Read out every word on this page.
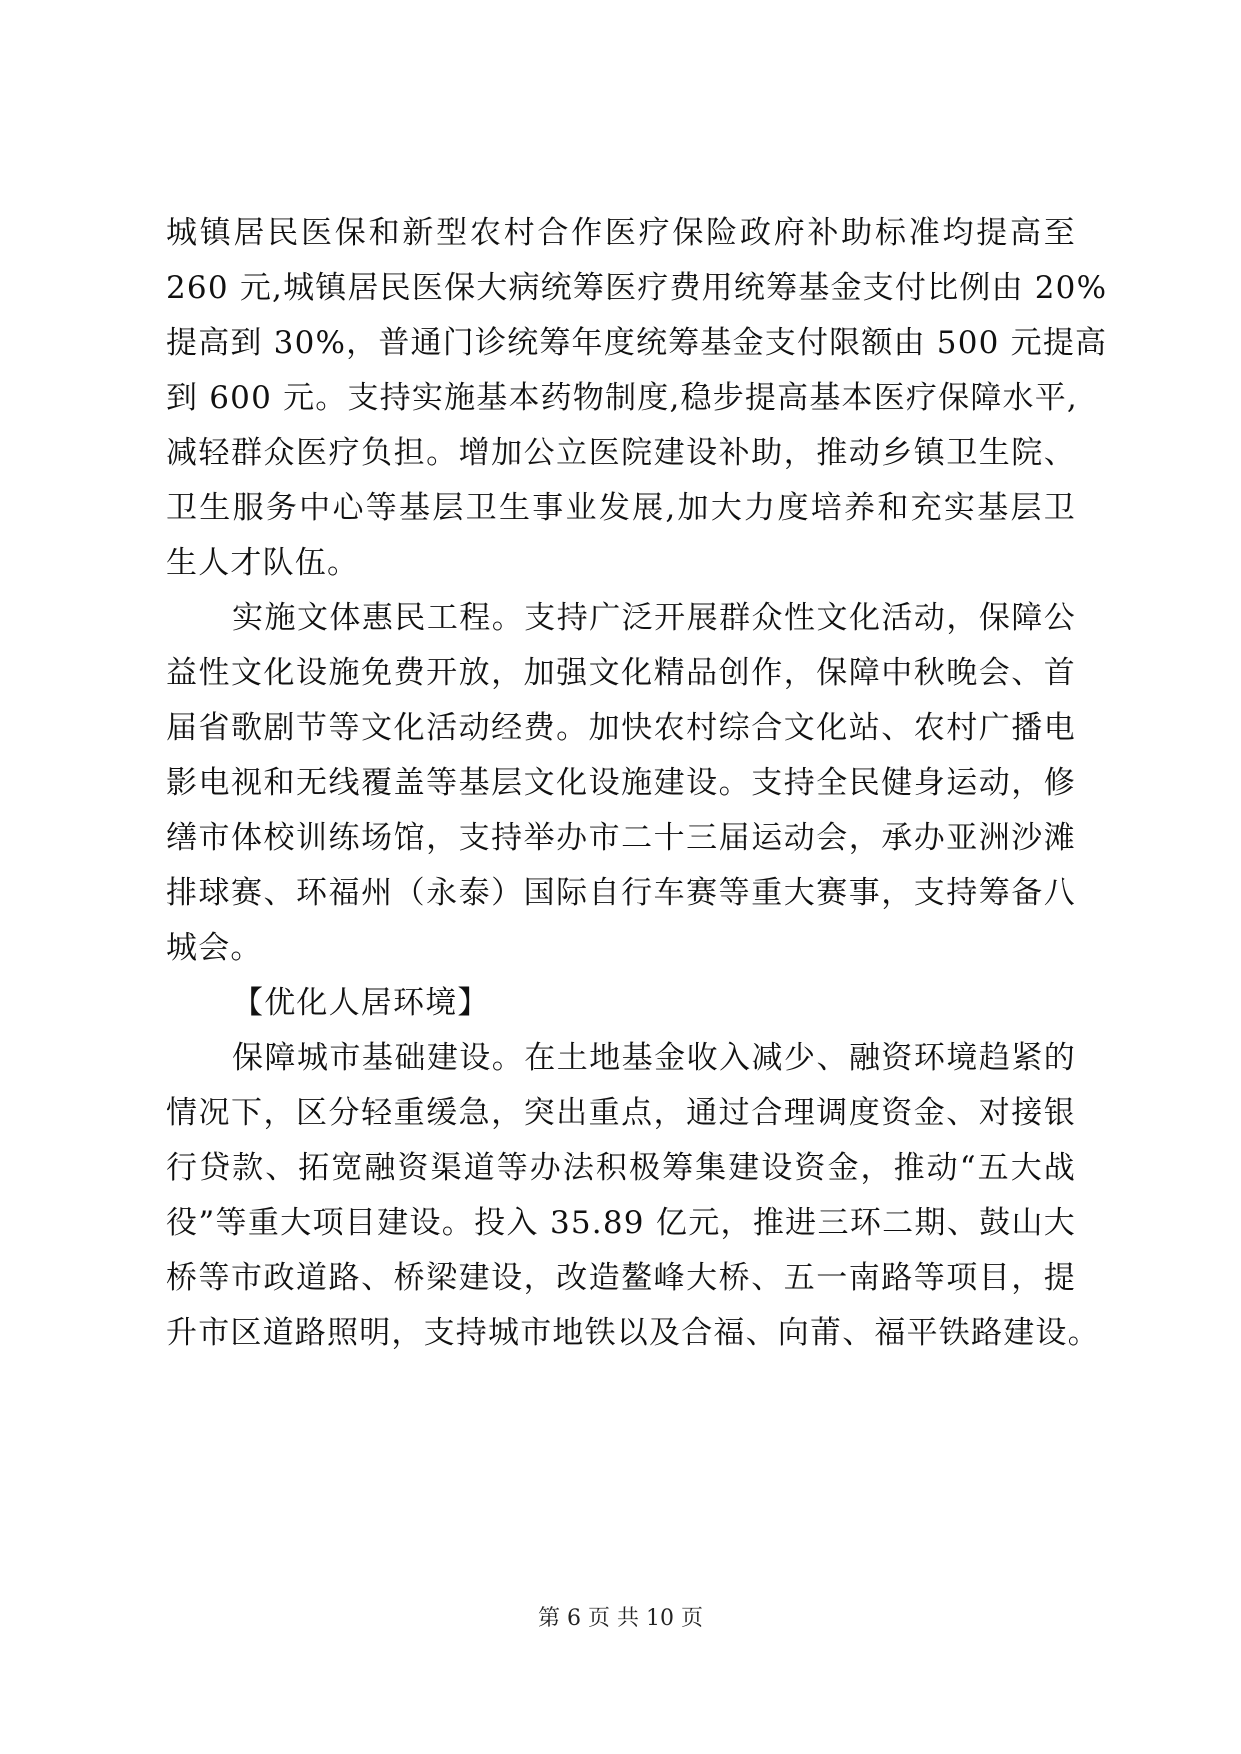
城镇居民医保和新型农村合作医疗保险政府补助标准均提高至
260 元,城镇居民医保大病统筹医疗费用统筹基金支付比例由 20%
提高到 30%，普通门诊统筹年度统筹基金支付限额由 500 元提高
到 600 元。支持实施基本药物制度,稳步提高基本医疗保障水平,
减轻群众医疗负担。增加公立医院建设补助，推动乡镇卫生院、
卫生服务中心等基层卫生事业发展,加大力度培养和充实基层卫
生人才队伍。
实施文体惠民工程。支持广泛开展群众性文化活动，保障公
益性文化设施免费开放，加强文化精品创作，保障中秋晚会、首
届省歌剧节等文化活动经费。加快农村综合文化站、农村广播电
影电视和无线覆盖等基层文化设施建设。支持全民健身运动，修
缮市体校训练场馆，支持举办市二十三届运动会，承办亚洲沙滩
排球赛、环福州（永泰）国际自行车赛等重大赛事，支持筹备八
城会。
【优化人居环境】
保障城市基础建设。在土地基金收入减少、融资环境趋紧的
情况下，区分轻重缓急，突出重点，通过合理调度资金、对接银
行贷款、拓宽融资渠道等办法积极筹集建设资金，推动“五大战
役”等重大项目建设。投入 35.89 亿元，推进三环二期、鼓山大
桥等市政道路、桥梁建设，改造鳌峰大桥、五一南路等项目，提
升市区道路照明，支持城市地铁以及合福、向莆、福平铁路建设。
第 6 页 共 10 页
